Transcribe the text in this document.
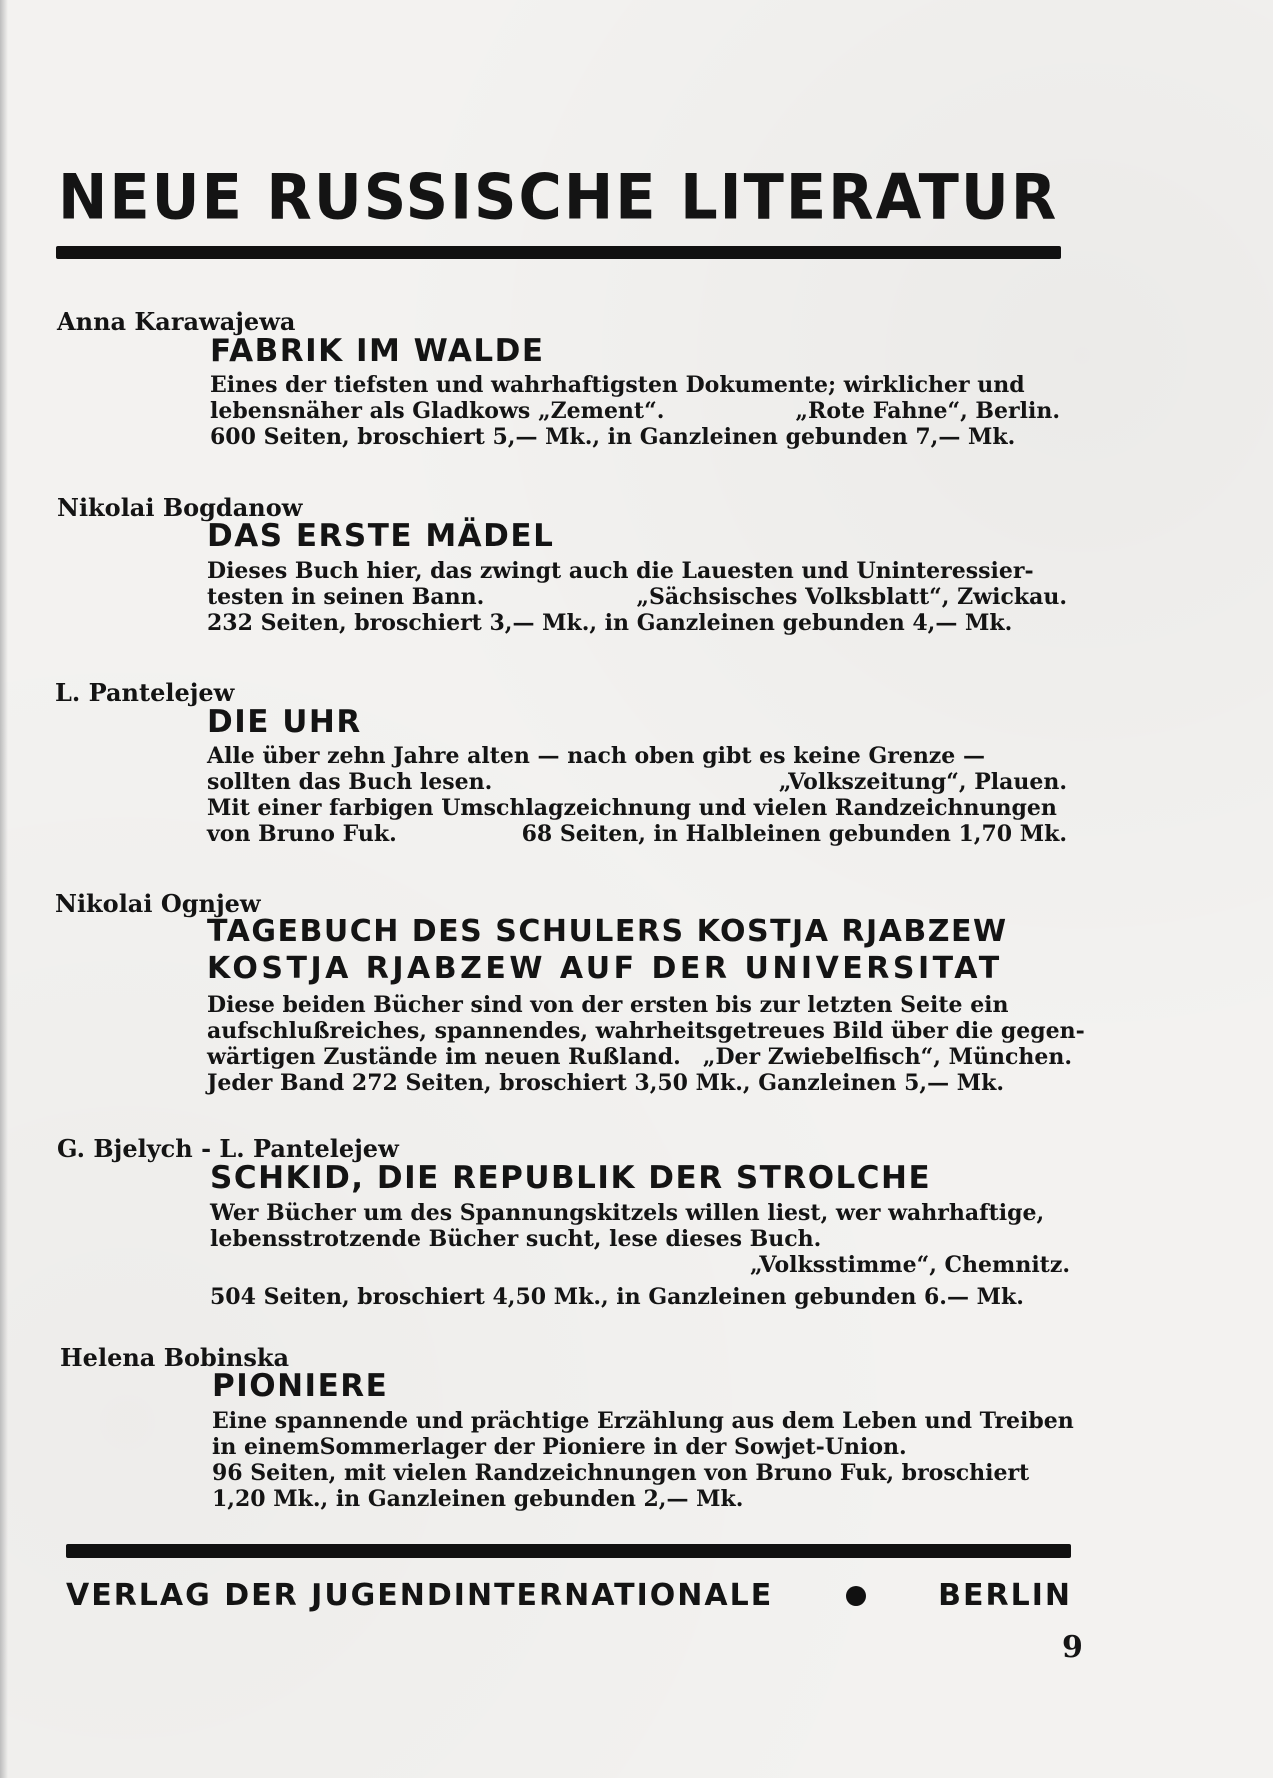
NEUE RUSSISCHE LITERATUR
Anna Karawajewa
FABRIK IM WALDE
Eines der tiefsten und wahrhaftigsten Dokumente; wirklicher und
lebensnäher als Gladkows „Zement“.	„Rote Fahne“, Berlin.
600 Seiten, broschiert 5,— Mk., in Ganzleinen gebunden 7,— Mk.
Nikolai Bogdanow
DAS ERSTE MÄDEL
Dieses Buch hier, das zwingt auch die Lauesten und Uninteressier-
testen in seinen Bann.	„Sächsisches Volksblatt“, Zwickau.
232 Seiten, broschiert 3,— Mk., in Ganzleinen gebunden 4,— Mk.
L. Pantelejew
DIE UHR
Alle über zehn Jahre alten — nach oben gibt es keine Grenze —
sollten das Buch lesen.	„Volkszeitung“, Plauen.
Mit einer farbigen Umschlagzeichnung und vielen Randzeichnungen
von Bruno Fuk.	68 Seiten, in Halbleinen gebunden 1,70 Mk.
Nikolai Ognjew
TAGEBUCH DES SCHULERS KOSTJA RJABZEW
KOSTJA RJABZEW AUF DER UNIVERSITAT
Diese beiden Bücher sind von der ersten bis zur letzten Seite ein
aufschlußreiches, spannendes, wahrheitsgetreues Bild über die gegen-
wärtigen Zustände im neuen Rußland. „Der Zwiebelfisch“, München.
Jeder Band 272 Seiten, broschiert 3,50 Mk., Ganzleinen 5,— Mk.
G. Bjelych - L. Pantelejew
SCHKID, DIE REPUBLIK DER STROLCHE
Wer Bücher um des Spannungskitzels willen liest, wer wahrhaftige,
lebensstrotzende Bücher sucht, lese dieses Buch.
„Volksstimme“, Chemnitz.
504 Seiten, broschiert 4,50 Mk., in Ganzleinen gebunden 6.— Mk.
Helena Bobinska
PIONIERE
Eine spannende und prächtige Erzählung aus dem Leben und Treiben
in einemSommerlager der Pioniere in der Sowjet-Union.
96 Seiten, mit vielen Randzeichnungen von Bruno Fuk, broschiert
1,20 Mk., in Ganzleinen gebunden 2,— Mk.
VERLAG DER JUGENDINTERNATIONALE	BERLIN
9
